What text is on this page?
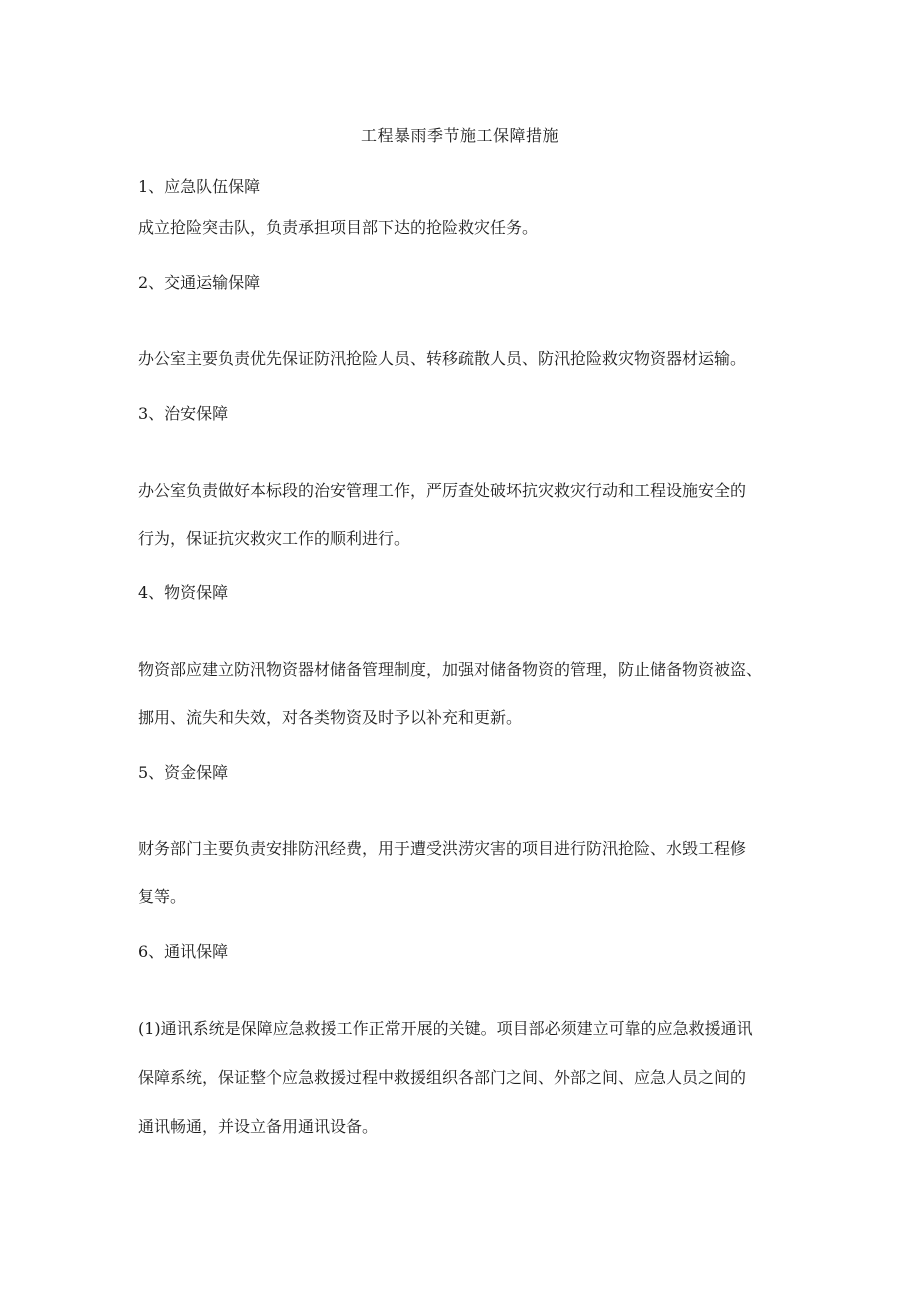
工程暴雨季节施工保障措施
1、应急队伍保障
成立抢险突击队，负责承担项目部下达的抢险救灾任务。
2、交通运输保障
办公室主要负责优先保证防汛抢险人员、转移疏散人员、防汛抢险救灾物资器材运输。
3、治安保障
办公室负责做好本标段的治安管理工作，严厉查处破坏抗灾救灾行动和工程设施安全的
行为，保证抗灾救灾工作的顺利进行。
4、物资保障
物资部应建立防汛物资器材储备管理制度，加强对储备物资的管理，防止储备物资被盗、
挪用、流失和失效，对各类物资及时予以补充和更新。
5、资金保障
财务部门主要负责安排防汛经费，用于遭受洪涝灾害的项目进行防汛抢险、水毁工程修
复等。
6、通讯保障
(1)通讯系统是保障应急救援工作正常开展的关键。项目部必须建立可靠的应急救援通讯
保障系统，保证整个应急救援过程中救援组织各部门之间、外部之间、应急人员之间的
通讯畅通，并设立备用通讯设备。
